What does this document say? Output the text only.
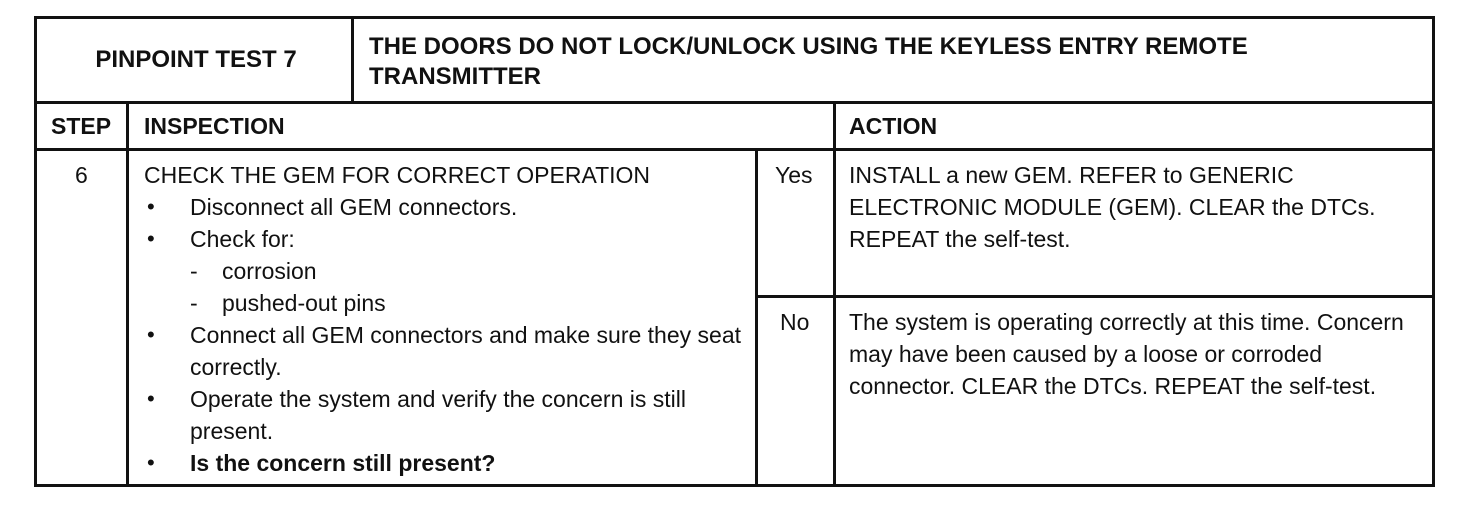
PINPOINT TEST 7	THE DOORS DO NOT LOCK/UNLOCK USING THE KEYLESS ENTRY REMOTE TRANSMITTER
STEP INSPECTION	ACTION
6 CHECK THE GEM FOR CORRECT OPERATION
• Disconnect all GEM connectors.
• Check for:
- corrosion
- pushed-out pins
• Connect all GEM connectors and make sure they seat correctly.
• Operate the system and verify the concern is still present.
• Is the concern still present?
Yes
No
INSTALL a new GEM. REFER to GENERIC ELECTRONIC MODULE (GEM). CLEAR the DTCs. REPEAT the self-test.
The system is operating correctly at this time. Concern may have been caused by a loose or corroded connector. CLEAR the DTCs. REPEAT the self-test.
